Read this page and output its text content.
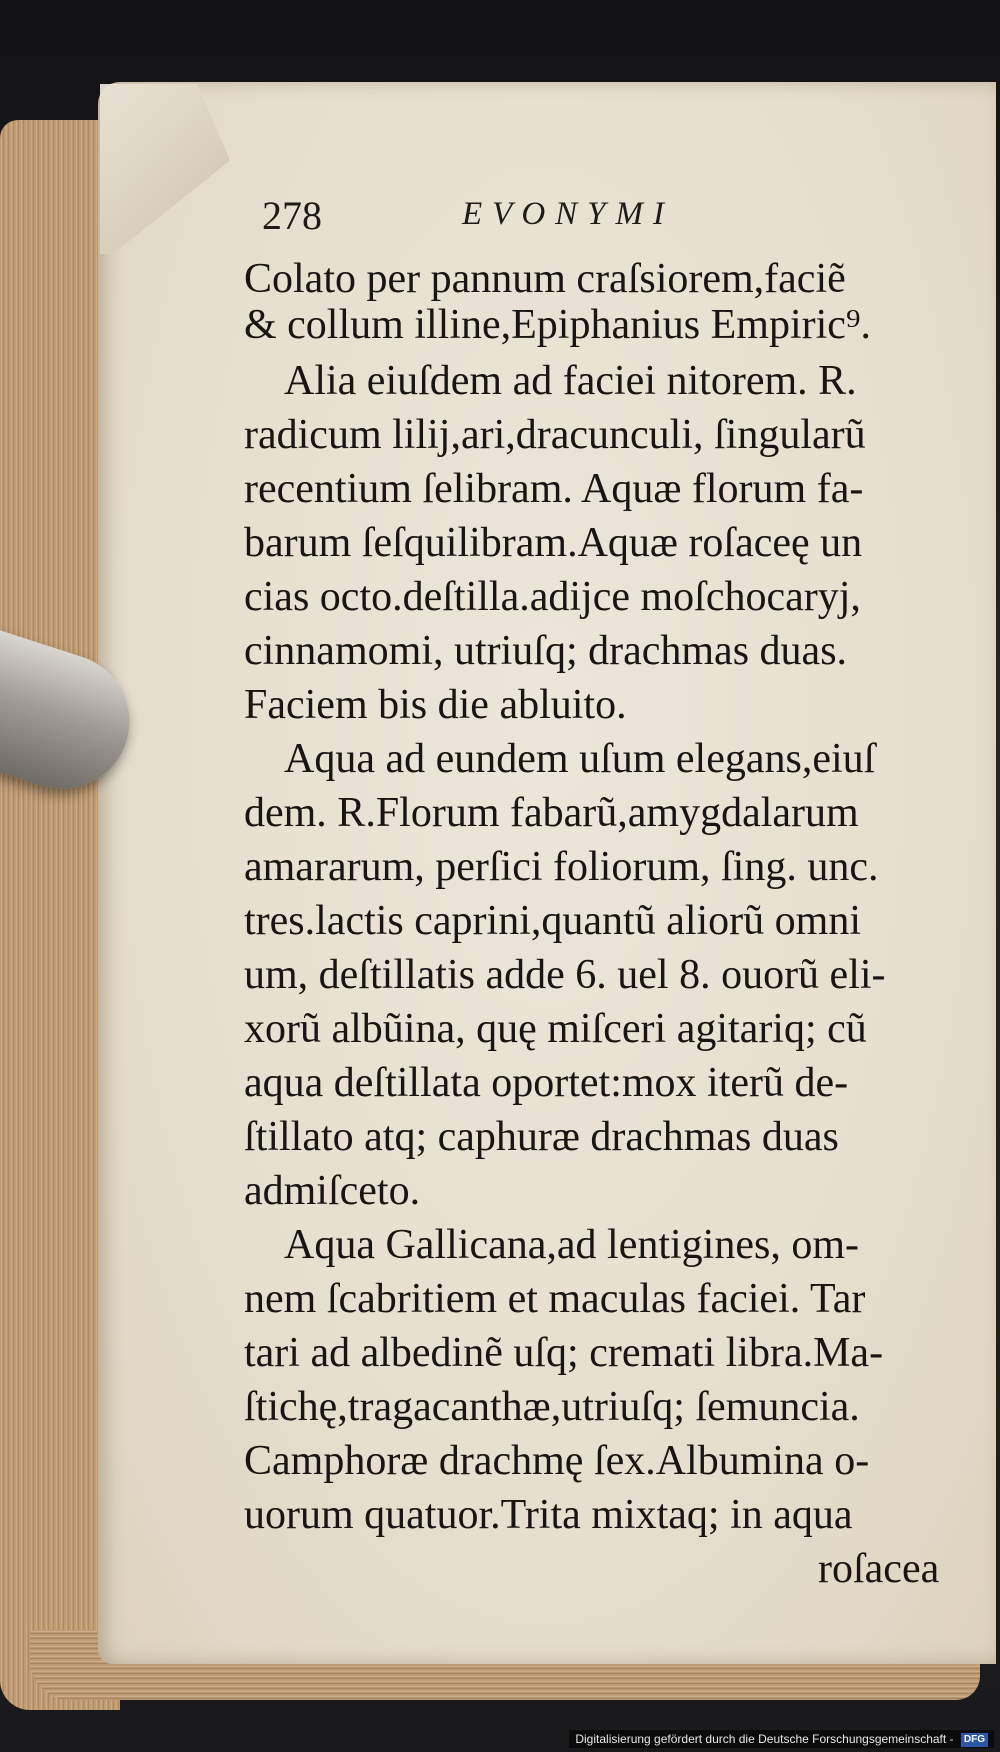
278	EVONYMI
Colato per pannum craſsiorem,faciẽ
& collum illine,Epiphanius Empiric⁹.
Alia eiuſdem ad faciei nitorem. R.
radicum lilij,ari,dracunculi, ſingularũ
recentium ſelibram. Aquæ florum fa-
barum ſeſquilibram.Aquæ roſaceę un
cias octo.deſtilla.adijce moſchocaryj,
cinnamomi, utriuſq; drachmas duas.
Faciem bis die abluito.
Aqua ad eundem uſum elegans,eiuſ
dem. R.Florum fabarũ,amygdalarum
amararum, perſici foliorum, ſing. unc.
tres.lactis caprini,quantũ aliorũ omni
um, deſtillatis adde 6. uel 8. ouorũ eli-
xorũ albũina, quę miſceri agitariq; cũ
aqua deſtillata oportet:mox iterũ de-
ſtillato atq; caphuræ drachmas duas
admiſceto.
Aqua Gallicana,ad lentigines, om-
nem ſcabritiem et maculas faciei. Tar
tari ad albedinẽ uſq; cremati libra.Ma-
ſtichę,tragacanthæ,utriuſq; ſemuncia.
Camphoræ drachmę ſex.Albumina o-
uorum quatuor.Trita mixtaq; in aqua
roſacea
Digitalisierung gefördert durch die Deutsche Forschungsgemeinschaft - DFG
